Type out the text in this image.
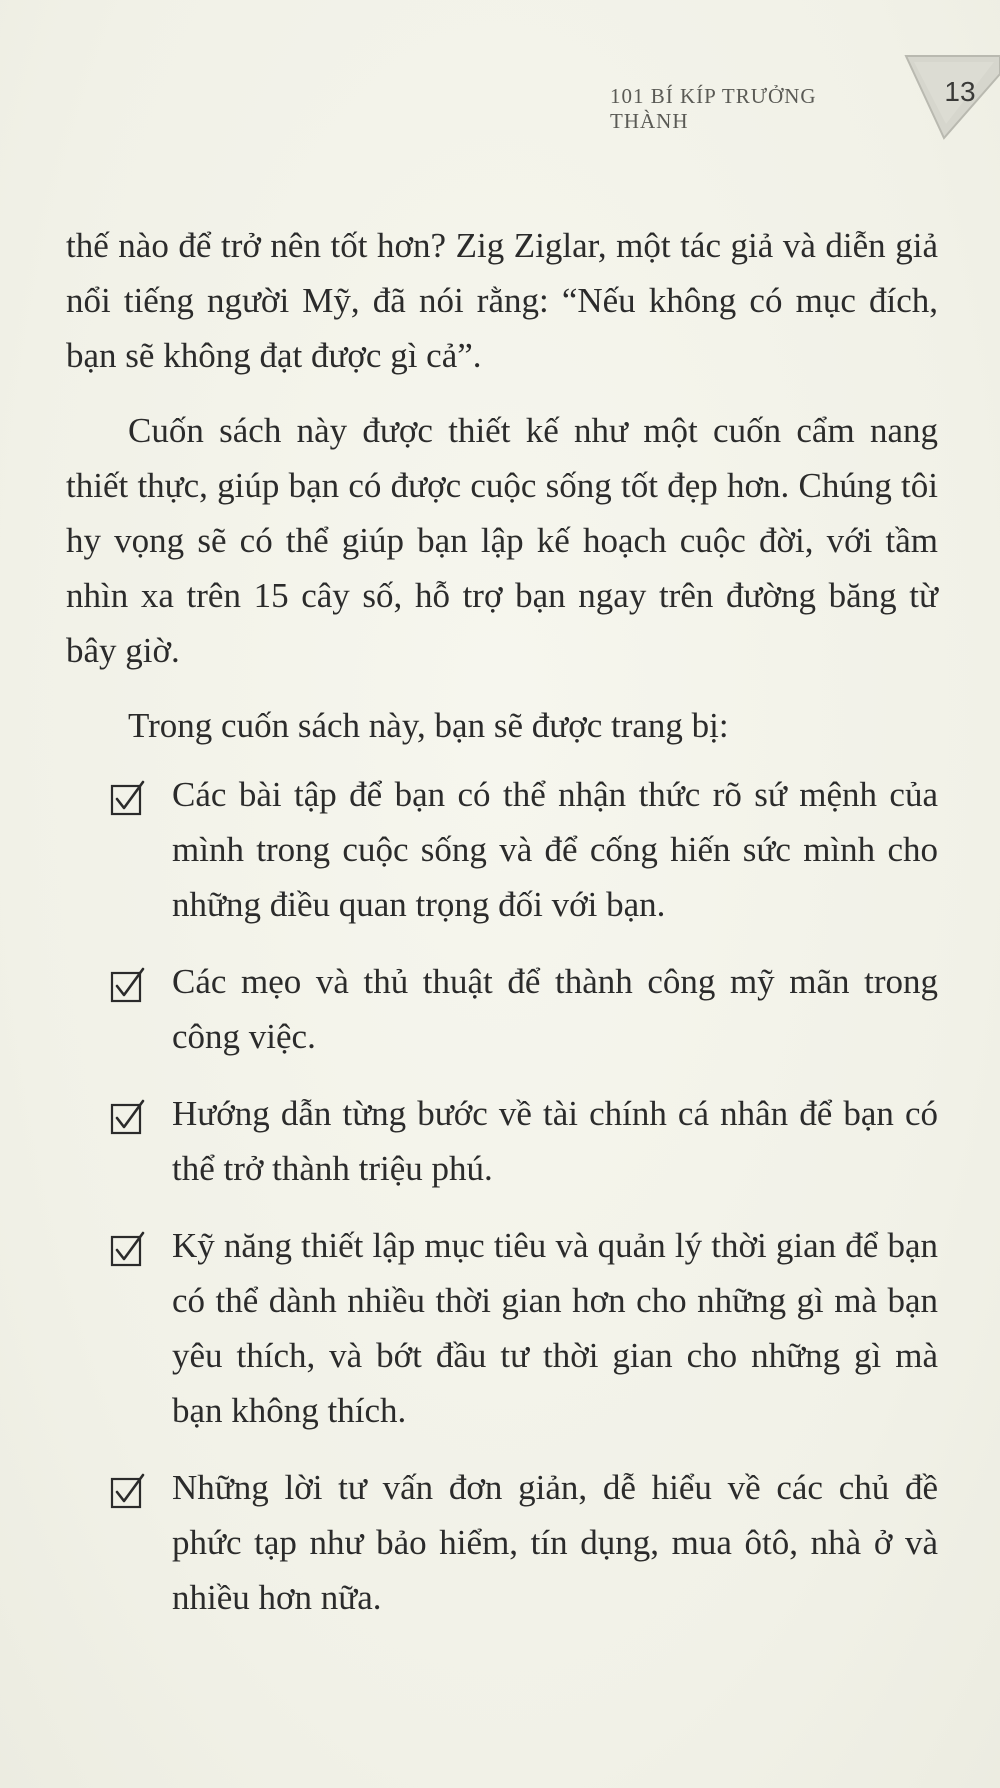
101 BÍ KÍP TRƯỞNG THÀNH
13

thế nào để trở nên tốt hơn? Zig Ziglar, một tác giả và diễn giả nổi tiếng người Mỹ, đã nói rằng: “Nếu không có mục đích, bạn sẽ không đạt được gì cả”.

Cuốn sách này được thiết kế như một cuốn cẩm nang thiết thực, giúp bạn có được cuộc sống tốt đẹp hơn. Chúng tôi hy vọng sẽ có thể giúp bạn lập kế hoạch cuộc đời, với tầm nhìn xa trên 15 cây số, hỗ trợ bạn ngay trên đường băng từ bây giờ.

Trong cuốn sách này, bạn sẽ được trang bị:

Các bài tập để bạn có thể nhận thức rõ sứ mệnh của mình trong cuộc sống và để cống hiến sức mình cho những điều quan trọng đối với bạn.
Các mẹo và thủ thuật để thành công mỹ mãn trong công việc.
Hướng dẫn từng bước về tài chính cá nhân để bạn có thể trở thành triệu phú.
Kỹ năng thiết lập mục tiêu và quản lý thời gian để bạn có thể dành nhiều thời gian hơn cho những gì mà bạn yêu thích, và bớt đầu tư thời gian cho những gì mà bạn không thích.
Những lời tư vấn đơn giản, dễ hiểu về các chủ đề phức tạp như bảo hiểm, tín dụng, mua ôtô, nhà ở và nhiều hơn nữa.
